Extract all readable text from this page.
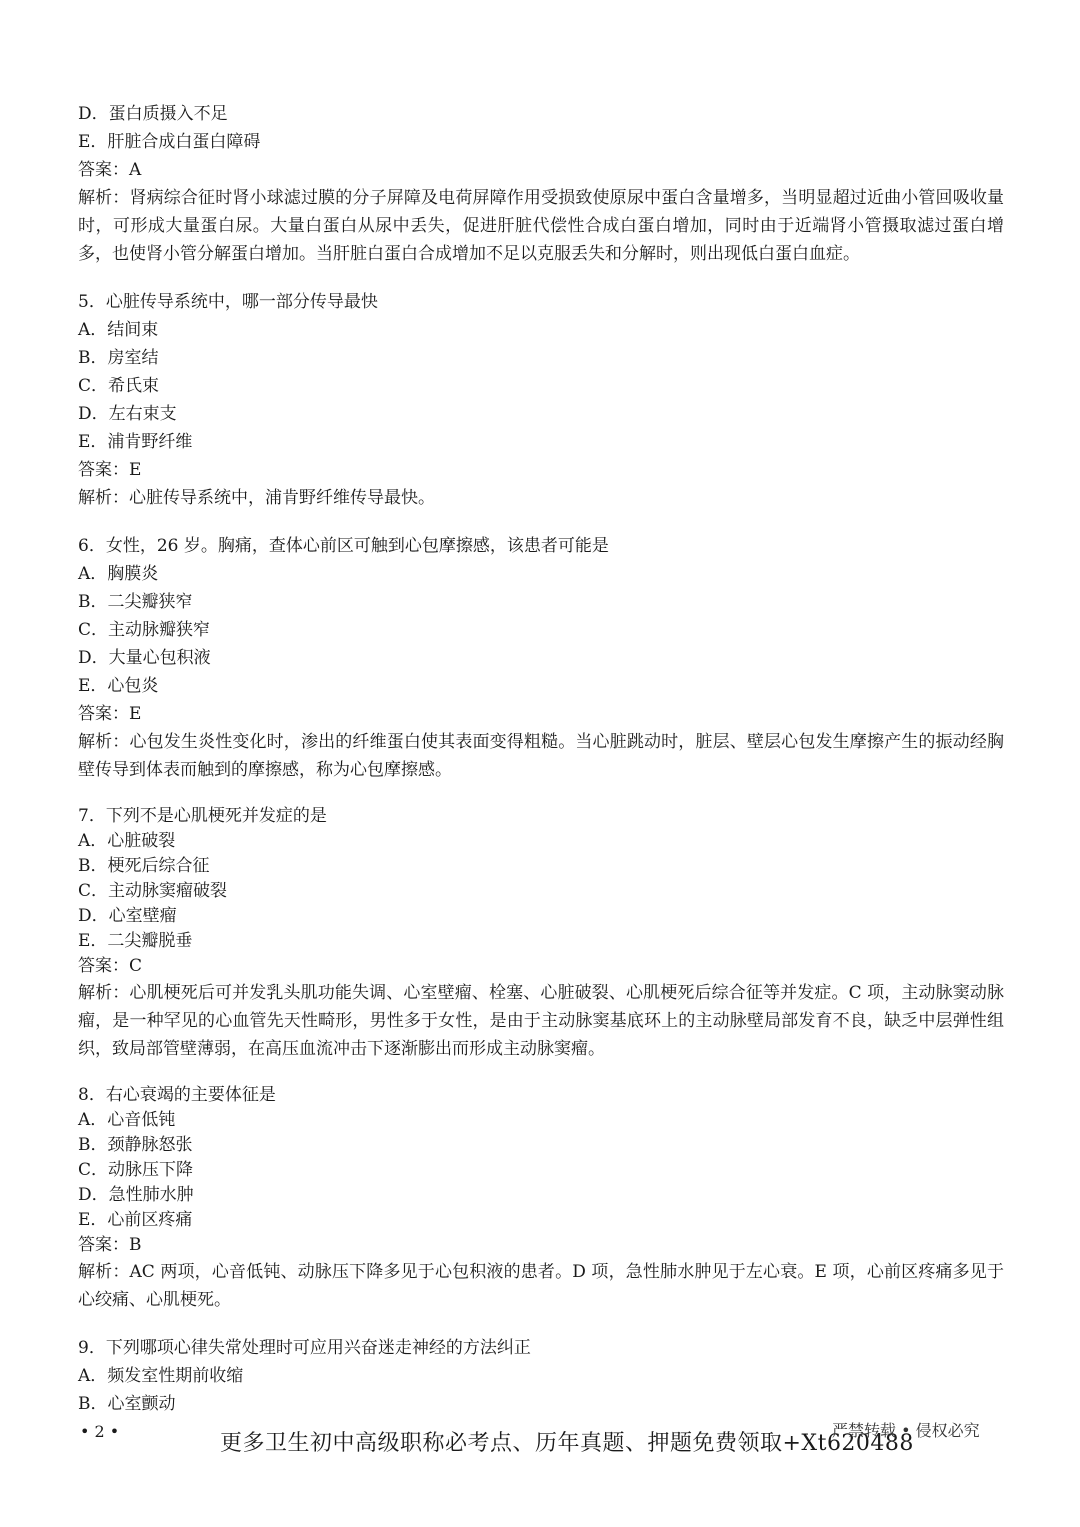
D．蛋白质摄入不足

E．肝脏合成白蛋白障碍

答案：A

解析：肾病综合征时肾小球滤过膜的分子屏障及电荷屏障作用受损致使原尿中蛋白含量增多，当明显超过近曲小管回吸收量时，可形成大量蛋白尿。大量白蛋白从尿中丢失，促进肝脏代偿性合成白蛋白增加，同时由于近端肾小管摄取滤过蛋白增多，也使肾小管分解蛋白增加。当肝脏白蛋白合成增加不足以克服丢失和分解时，则出现低白蛋白血症。

5．心脏传导系统中，哪一部分传导最快

A．结间束

B．房室结

C．希氏束

D．左右束支

E．浦肯野纤维

答案：E

解析：心脏传导系统中，浦肯野纤维传导最快。

6．女性，26 岁。胸痛，查体心前区可触到心包摩擦感，该患者可能是

A．胸膜炎

B．二尖瓣狭窄

C．主动脉瓣狭窄

D．大量心包积液

E．心包炎

答案：E

解析：心包发生炎性变化时，渗出的纤维蛋白使其表面变得粗糙。当心脏跳动时，脏层、壁层心包发生摩擦产生的振动经胸壁传导到体表而触到的摩擦感，称为心包摩擦感。

7．下列不是心肌梗死并发症的是

A．心脏破裂

B．梗死后综合征

C．主动脉窦瘤破裂

D．心室壁瘤

E．二尖瓣脱垂

答案：C

解析：心肌梗死后可并发乳头肌功能失调、心室壁瘤、栓塞、心脏破裂、心肌梗死后综合征等并发症。C 项，主动脉窦动脉瘤，是一种罕见的心血管先天性畸形，男性多于女性，是由于主动脉窦基底环上的主动脉壁局部发育不良，缺乏中层弹性组织，致局部管壁薄弱，在高压血流冲击下逐渐膨出而形成主动脉窦瘤。

8．右心衰竭的主要体征是

A．心音低钝

B．颈静脉怒张

C．动脉压下降

D．急性肺水肿

E．心前区疼痛

答案：B

解析：AC 两项，心音低钝、动脉压下降多见于心包积液的患者。D 项，急性肺水肿见于左心衰。E 项，心前区疼痛多见于心绞痛、心肌梗死。

9．下列哪项心律失常处理时可应用兴奋迷走神经的方法纠正

A．频发室性期前收缩

B．心室颤动

• 2 •	更多卫生初中高级职称必考点、历年真题、押题免费领取+Xt620488
严禁转载 • 侵权必究
